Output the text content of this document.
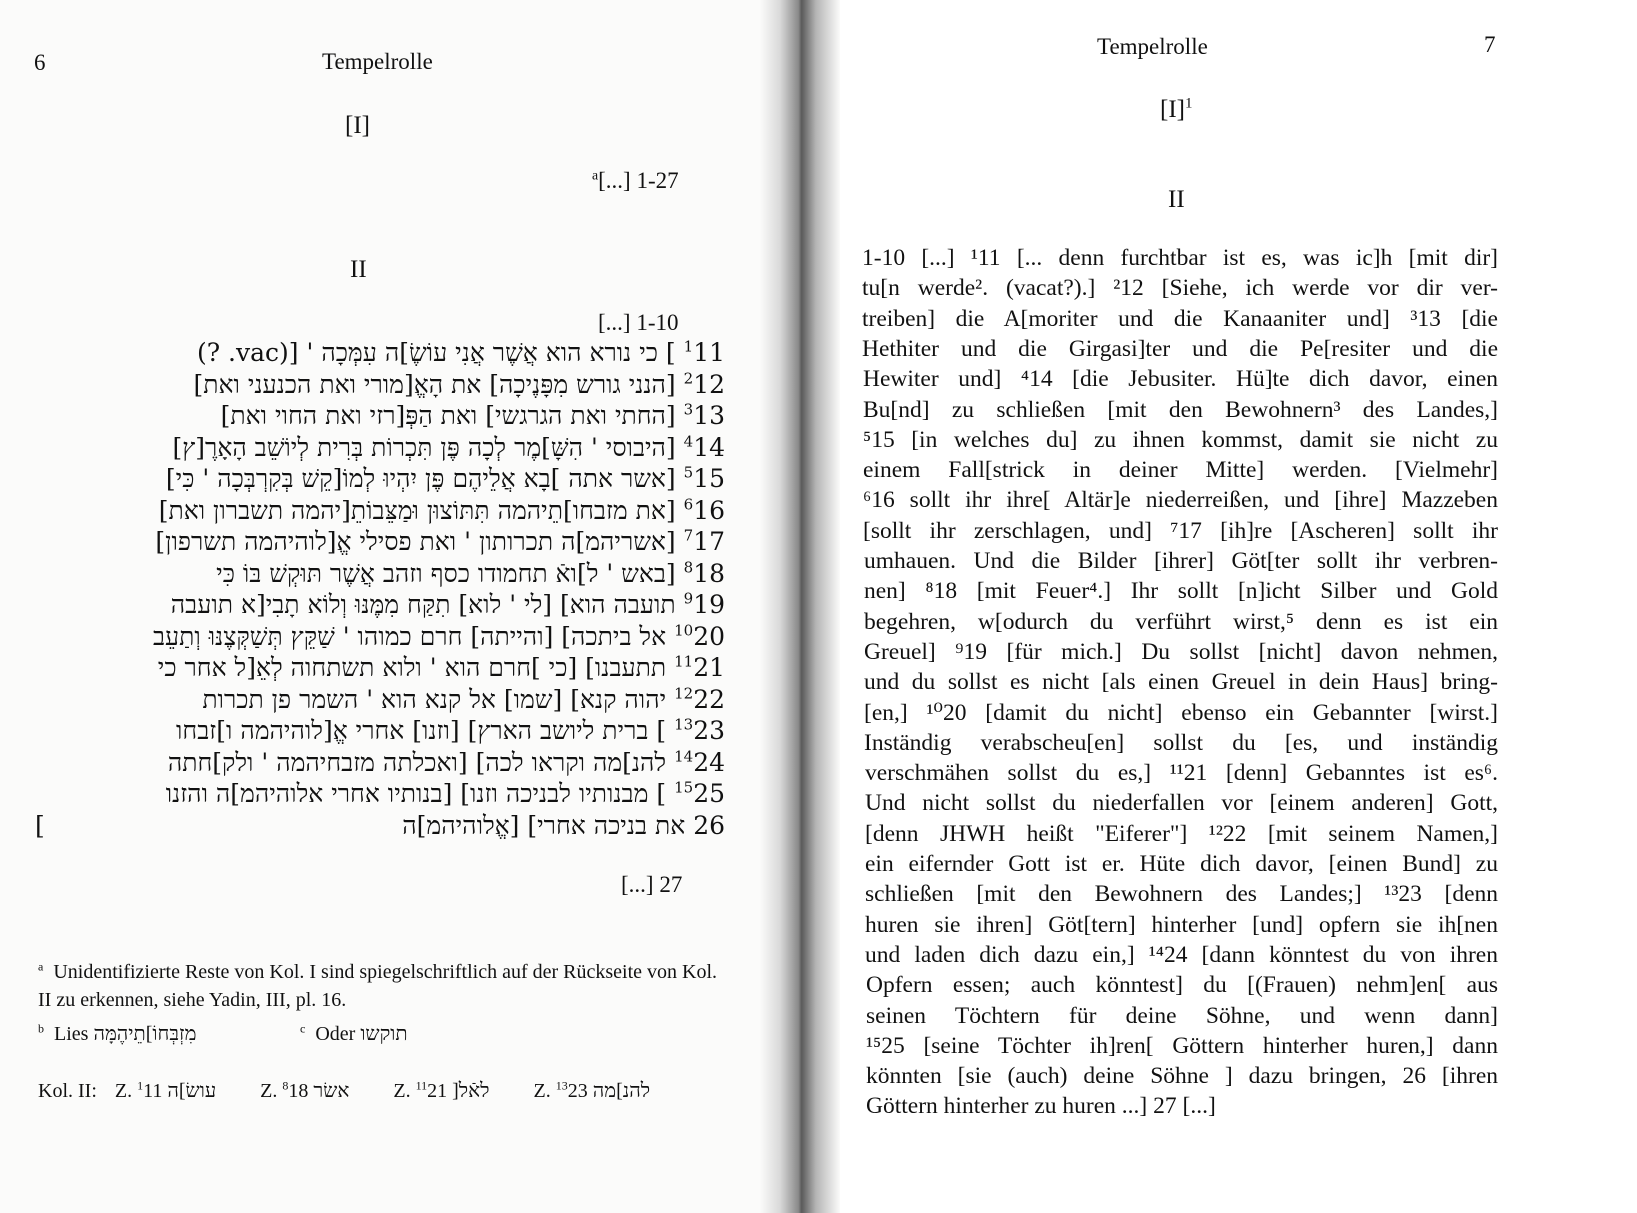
6	Tempelrolle
[I]
$^a$[...] 1-27
II
[...] 1-10
$^1$11 ] כי נורא הוא אֲשֶׁר אֲנִי עוֹשֶׂ]ה עִמְּכָה ' [(vac. ?)
$^2$12 [הנני גורש מִפָּנֶיכָה] את הָאֱ[מורי ואת הכנעני ואת]
$^3$13 [החתי ואת הגרגשי] ואת הַפְּ[רזי ואת החוי ואת]
$^4$14 [היבוסי ' הִשָּׁ]מֶר לְכָה פֶּן תִּכְרוֹת בְּרִית לְיוֹשֵׁב הָאָרֶ[ץ]
$^5$15 [אשר אתה ]בָא אֲלֵיהֶם פֶּן יִהְיוּ לְמוֹ[קֵשׁ בְּקִרְבְּכָה ' כִּי]
$^6$16 [את מזבחו]תֵיהמה תִּתּוֹצוּן וּמַצֵּבוֹתֵ[יהמה תשברון ואת]
$^7$17 [אשריהמ]ה תכרותון ' ואת פסילי אֱ[לוהיהמה תשרפון]
$^8$18 [באש ' ל]ואֿ תחמודו כסף וזהב אֲשֶׁר תּוּקְשׁ בּוֹ כִּי
$^9$19 תועבה הוא] [לי ' לוא] תִקַּח מִמֶּנּוּ וְלוֹא תָבִי[א תועבה
$^{10}$20 אל ביתכה] [והייתה] חרם כמוהו ' שַׁקֵּץ תְּשַׁקְּצֶנּוּ וְתַעֵב
$^{11}$21 תתעבנו] [כי ]חרם הוא ' ולוא תשתחוה לְאֵ[ל אחר כי
$^{12}$22 יהוה קנא] [שמו] אל קנא הוא ' השמר פן תכרות
$^{13}$23 ] ברית ליושב הארץ] [וזנו] אחרי אֱ[לוהיהמה ו]זבחו
$^{14}$24 להנ]מה וקראו לכה] [ואכלתה מזבחיהמה ' ולק]חתה
$^{15}$25 ] מבנותיו לבניכה וזנו] [בנותיו אחרי אלוהיהמ]ה והזנו
26 את בניכה אחרי] [אֱלוהיהמ]ה
[
[...] 27
$^a$ Unidentifizierte Reste von Kol. I sind spiegelschriftlich auf der Rückseite von Kol. II zu erkennen, siehe Yadin, III, pl. 16.
$^b$ Lies מִזְבְּחוֹ]תֵיהֶמָּה	$^c$ Oder תוקשו
Kol. II: Z. $^1$11 עושׂ]ה Z. $^8$18 אשׂר Z. $^{11}$21 לאֿל[ Z. $^{13}$23 להנ]מה
Tempelrolle	7
$[I]^1$
II
1-10 [...] ¹11 [... denn furchtbar ist es, was ic]h [mit dir]
tu[n werde². (vacat?).] ²12 [Siehe, ich werde vor dir ver-
treiben] die A[moriter und die Kanaaniter und] ³13 [die
Hethiter und die Girgasi]ter und die Pe[resiter und die
Hewiter und] ⁴14 [die Jebusiter. Hü]te dich davor, einen
Bu[nd] zu schließen [mit den Bewohnern³ des Landes,]
⁵15 [in welches du] zu ihnen kommst, damit sie nicht zu
einem Fall[strick in deiner Mitte] werden. [Vielmehr]
⁶16 sollt ihr ihre[ Altär]e niederreißen, und [ihre] Mazzeben
[sollt ihr zerschlagen, und] ⁷17 [ih]re [Ascheren] sollt ihr
umhauen. Und die Bilder [ihrer] Göt[ter sollt ihr verbren-
nen] ⁸18 [mit Feuer⁴.] Ihr sollt [n]icht Silber und Gold
begehren, w[odurch du verführt wirst,⁵ denn es ist ein
Greuel] ⁹19 [für mich.] Du sollst [nicht] davon nehmen,
und du sollst es nicht [als einen Greuel in dein Haus] bring-
[en,] ¹⁰20 [damit du nicht] ebenso ein Gebannter [wirst.]
Inständig verabscheu[en] sollst du [es, und inständig
verschmähen sollst du es,] ¹¹21 [denn] Gebanntes ist es⁶.
Und nicht sollst du niederfallen vor [einem anderen] Gott,
[denn JHWH heißt "Eiferer"] ¹²22 [mit seinem Namen,]
ein eifernder Gott ist er. Hüte dich davor, [einen Bund] zu
schließen [mit den Bewohnern des Landes;] ¹³23 [denn
huren sie ihren] Göt[tern] hinterher [und] opfern sie ih[nen
und laden dich dazu ein,] ¹⁴24 [dann könntest du von ihren
Opfern essen; auch könntest] du [(Frauen) nehm]en[ aus
seinen Töchtern für deine Söhne, und wenn dann]
¹⁵25 [seine Töchter ih]ren[ Göttern hinterher huren,] dann
könnten [sie (auch) deine Söhne ] dazu bringen, 26 [ihren
Göttern hinterher zu huren ...] 27 [...]
